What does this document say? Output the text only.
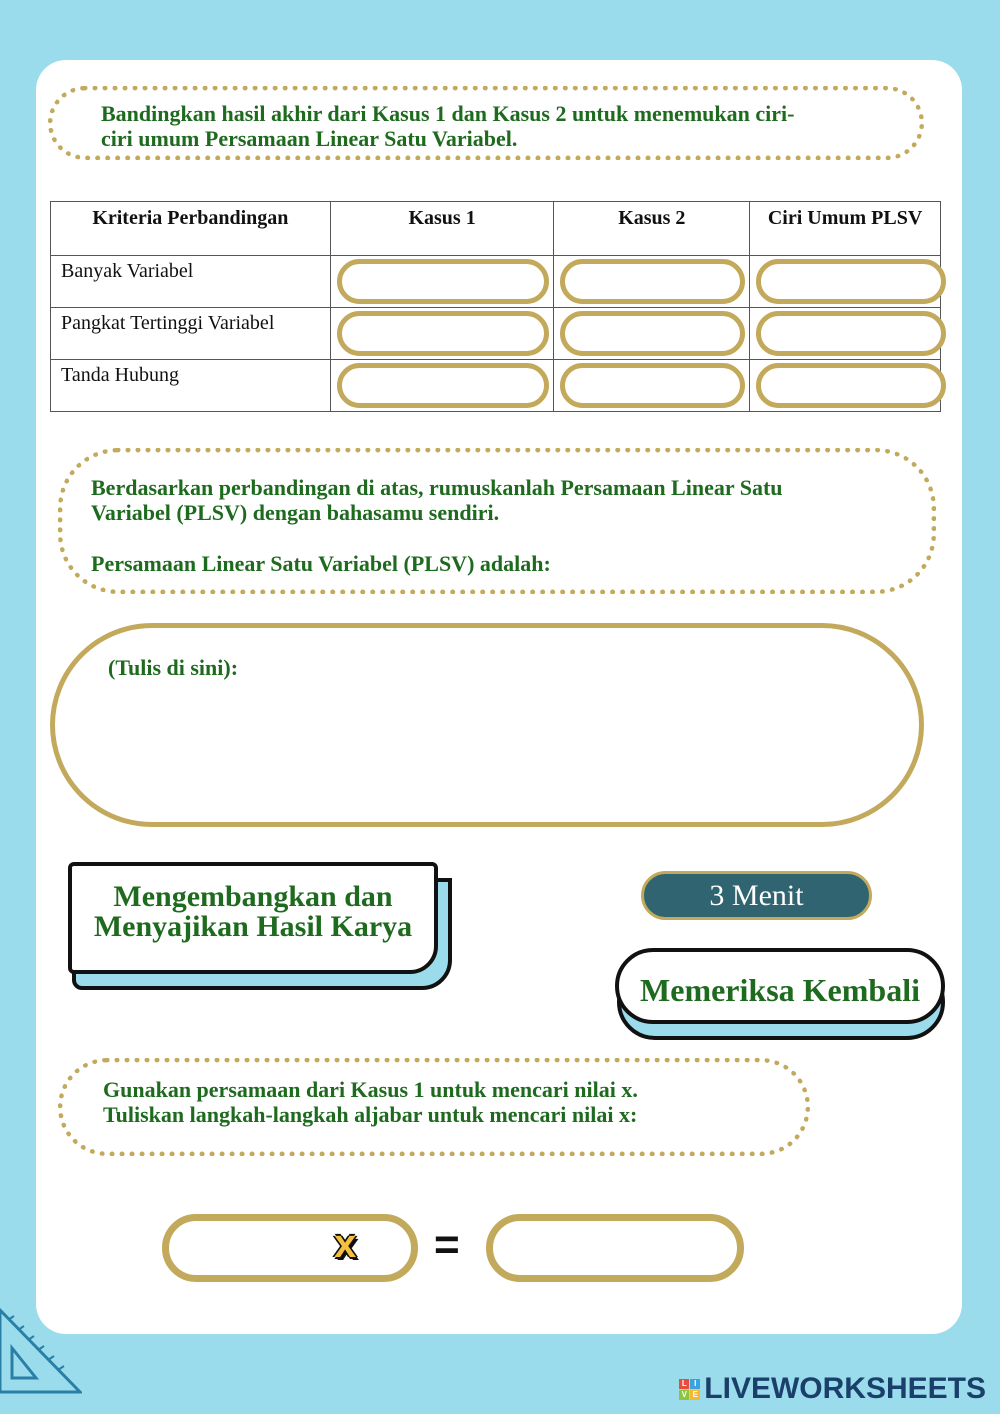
Bandingkan hasil akhir dari Kasus 1 dan Kasus 2 untuk menemukan ciri-

ciri umum Persamaan Linear Satu Variabel.

Kriteria Perbandingan	Kasus 1	Kasus 2	Ciri Umum PLSV
Banyak Variabel	

Pangkat Tertinggi Variabel	

Tanda Hubung	

Berdasarkan perbandingan di atas, rumuskanlah Persamaan Linear Satu

Variabel (PLSV) dengan bahasamu sendiri.

Persamaan Linear Satu Variabel (PLSV) adalah:

(Tulis di sini):
Mengembangkan dan Menyajikan Hasil Karya
3 Menit
Memeriksa Kembali

Gunakan persamaan dari Kasus 1 untuk mencari nilai x.

Tuliskan langkah-langkah aljabar untuk mencari nilai x:

x =
L I
V E LIVEWORKSHEETS
